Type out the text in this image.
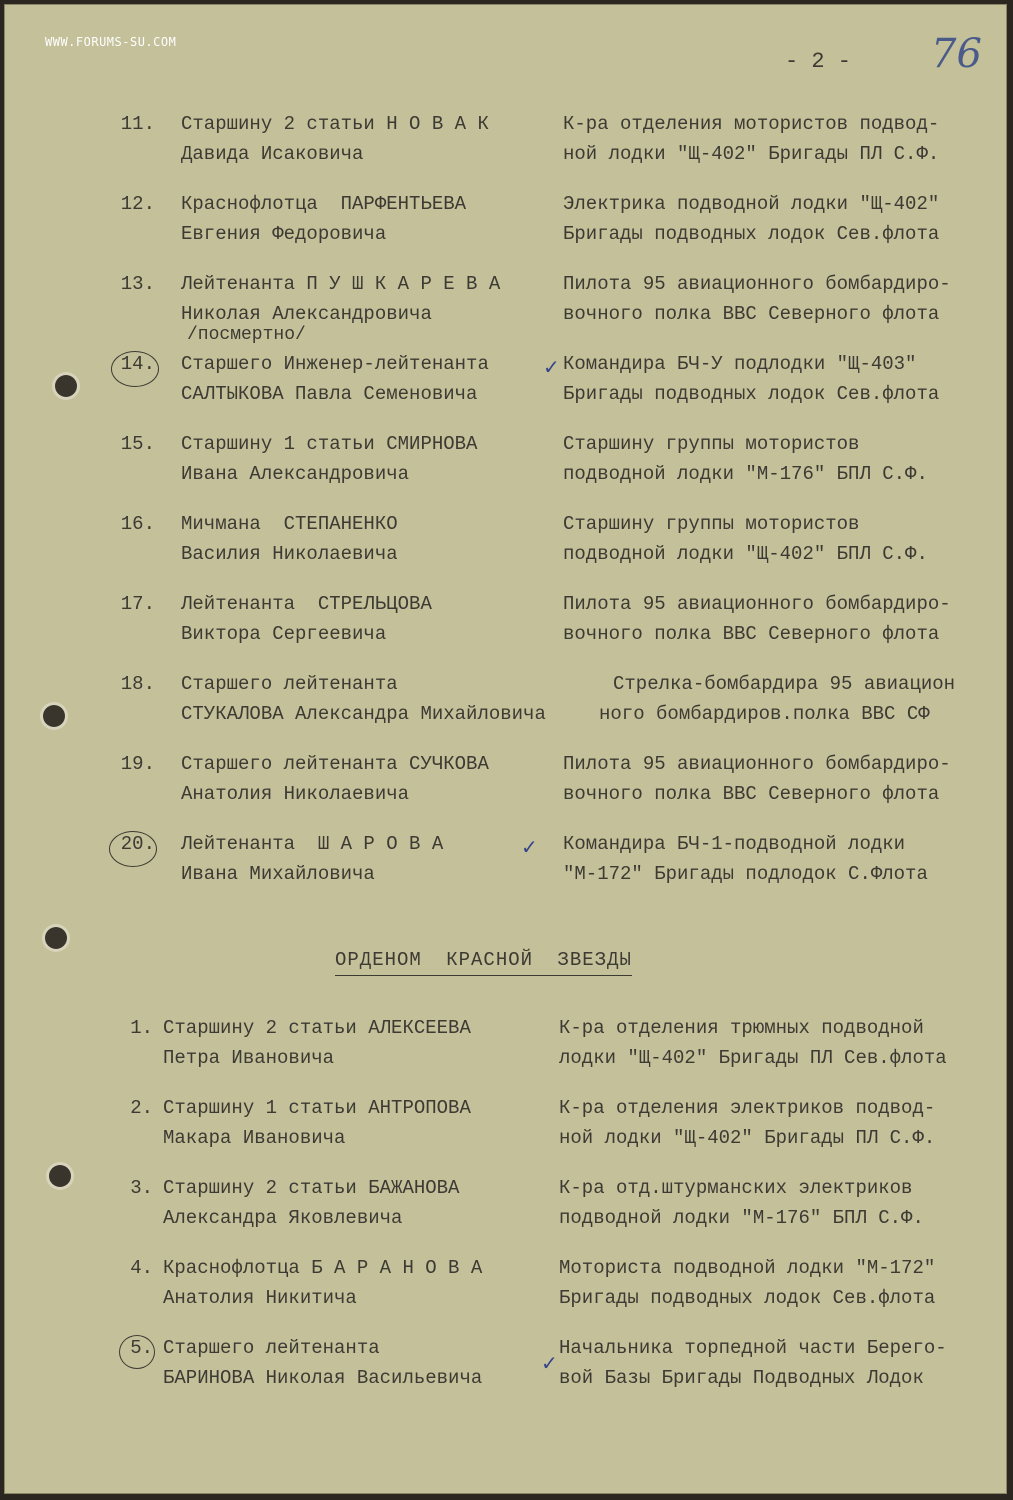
WWW.FORUMS-SU.COM
- 2 - 76
11. Старшину 2 статьи Н О В А К
Давида Исаковича
К-ра отделения мотористов подвод-
ной лодки "Щ-402" Бригады ПЛ С.Ф.
12. Краснофлотца  ПАРФЕНТЬЕВА
Евгения Федоровича
Электрика подводной лодки "Щ-402"
Бригады подводных лодок Сев.флота
13. Лейтенанта П У Ш К А Р Е В А
Николая Александровича
/посмертно/
Пилота 95 авиационного бомбардиро-
вочного полка ВВС Северного флота
14. Старшего Инженер-лейтенанта
САЛТЫКОВА Павла Семеновича
Командира БЧ-У подлодки "Щ-403"
Бригады подводных лодок Сев.флота
15. Старшину 1 статьи СМИРНОВА
Ивана Александровича
Старшину группы мотористов
подводной лодки "М-176" БПЛ С.Ф.
16. Мичмана  СТЕПАНЕНКО
Василия Николаевича
Старшину группы мотористов
подводной лодки "Щ-402" БПЛ С.Ф.
17. Лейтенанта  СТРЕЛЬЦОВА
Виктора Сергеевича
Пилота 95 авиационного бомбардиро-
вочного полка ВВС Северного флота
18. Старшего лейтенанта
СТУКАЛОВА Александра Михайловича
Стрелка-бомбардира 95 авиацион
ного бомбардиров.полка ВВС СФ
19. Старшего лейтенанта СУЧКОВА
Анатолия Николаевича
Пилота 95 авиационного бомбардиро-
вочного полка ВВС Северного флота
20. Лейтенанта  Ш А Р О В А
Ивана Михайловича
Командира БЧ-1-подводной лодки
"М-172" Бригады подлодок С.Флота
ОРДЕНОМ КРАСНОЙ ЗВЕЗДЫ
1. Старшину 2 статьи АЛЕКСЕЕВА
Петра Ивановича
К-ра отделения трюмных подводной
лодки "Щ-402" Бригады ПЛ Сев.флота
2. Старшину 1 статьи АНТРОПОВА
Макара Ивановича
К-ра отделения электриков подвод-
ной лодки "Щ-402" Бригады ПЛ С.Ф.
3. Старшину 2 статьи БАЖАНОВА
Александра Яковлевича
К-ра отд.штурманских электриков
подводной лодки "М-176" БПЛ С.Ф.
4. Краснофлотца Б А Р А Н О В А
Анатолия Никитича
Моториста подводной лодки "М-172"
Бригады подводных лодок Сев.флота
5. Старшего лейтенанта
БАРИНОВА Николая Васильевича
Начальника торпедной части Берего-
вой Базы Бригады Подводных Лодок
✓
✓
✓
